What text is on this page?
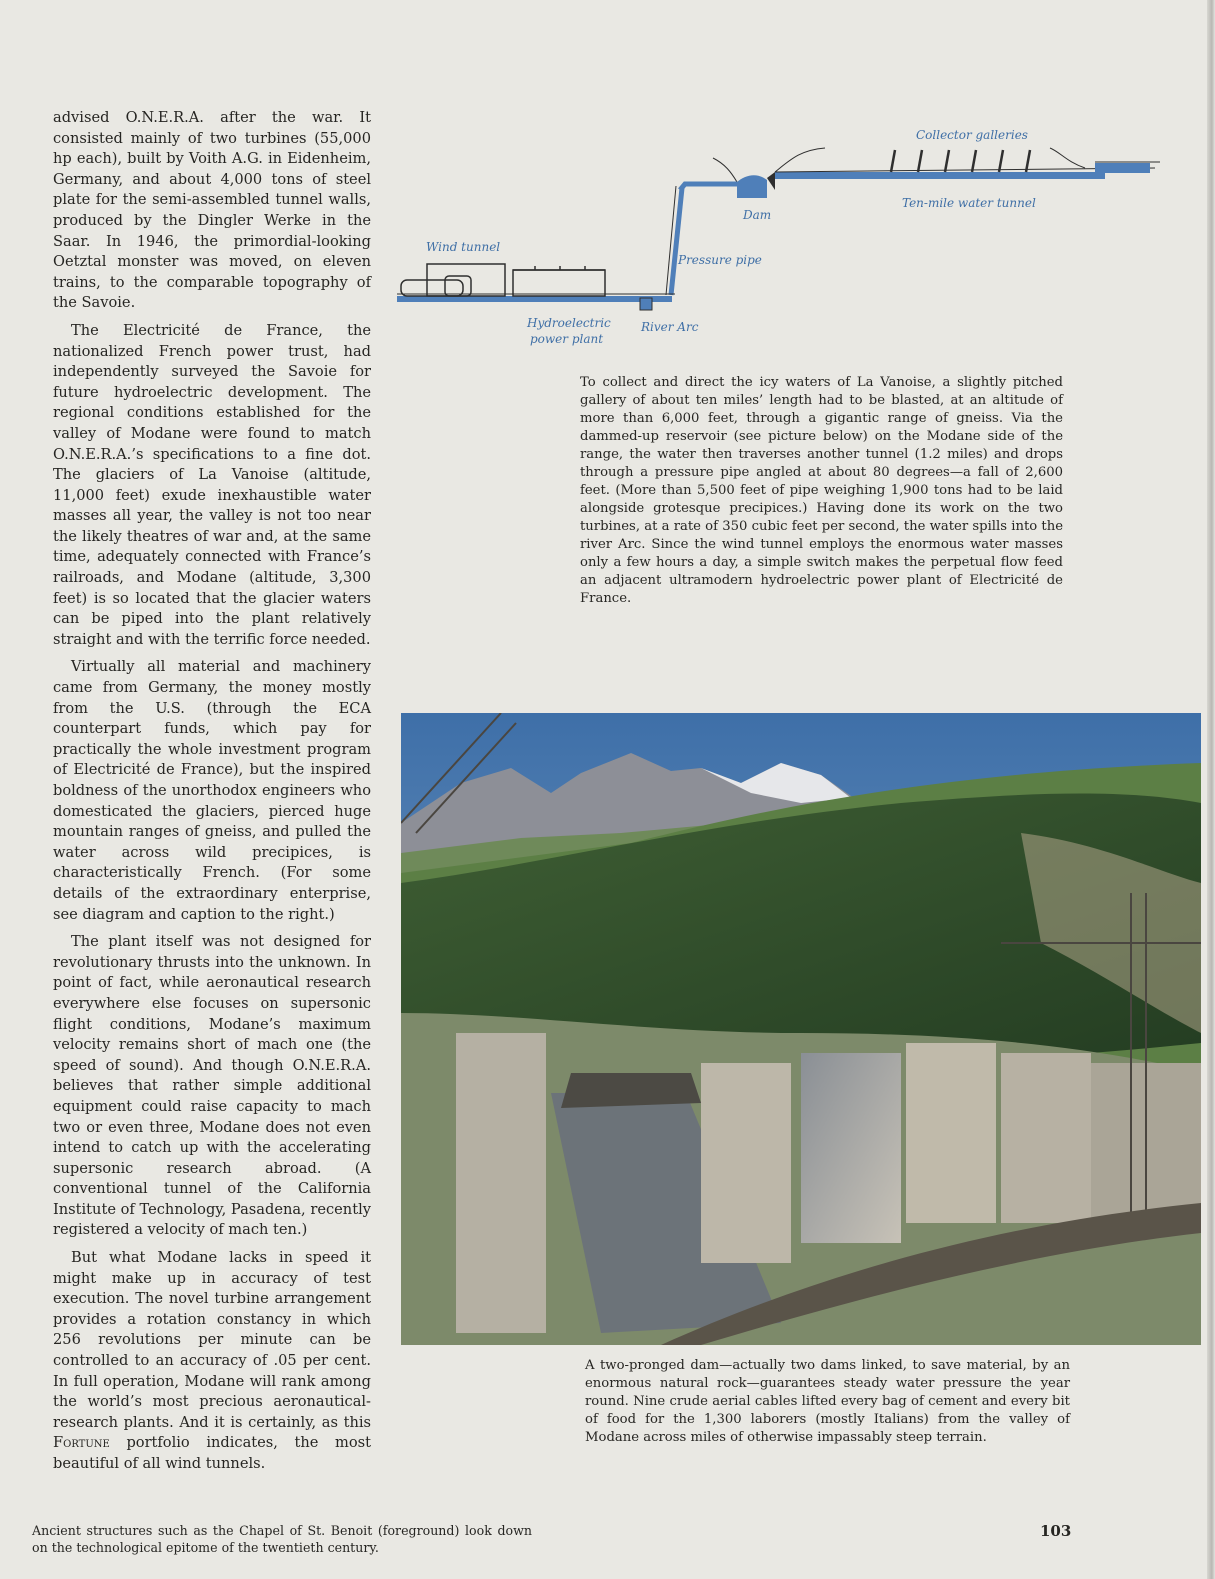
advised O.N.E.R.A. after the war. It consisted mainly of two turbines (55,000 hp each), built by Voith A.G. in Eidenheim, Germany, and about 4,000 tons of steel plate for the semi-assembled tunnel walls, produced by the Dingler Werke in the Saar. In 1946, the primordial-looking Oetztal monster was moved, on eleven trains, to the comparable topography of the Savoie.

The Electricité de France, the nationalized French power trust, had independently surveyed the Savoie for future hydroelectric development. The regional conditions established for the valley of Modane were found to match O.N.E.R.A.’s specifications to a fine dot. The glaciers of La Vanoise (altitude, 11,000 feet) exude inexhaustible water masses all year, the valley is not too near the likely theatres of war and, at the same time, adequately connected with France’s railroads, and Modane (altitude, 3,300 feet) is so located that the glacier waters can be piped into the plant relatively straight and with the terrific force needed.

Virtually all material and machinery came from Germany, the money mostly from the U.S. (through the ECA counterpart funds, which pay for practically the whole investment program of Electricité de France), but the inspired boldness of the unorthodox engineers who domesticated the glaciers, pierced huge mountain ranges of gneiss, and pulled the water across wild precipices, is characteristically French. (For some details of the extraordinary enterprise, see diagram and caption to the right.)

The plant itself was not designed for revolutionary thrusts into the unknown. In point of fact, while aeronautical research everywhere else focuses on supersonic flight conditions, Modane’s maximum velocity remains short of mach one (the speed of sound). And though O.N.E.R.A. believes that rather simple additional equipment could raise capacity to mach two or even three, Modane does not even intend to catch up with the accelerating supersonic research abroad. (A conventional tunnel of the California Institute of Technology, Pasadena, recently registered a velocity of mach ten.)

But what Modane lacks in speed it might make up in accuracy of test execution. The novel turbine arrangement provides a rotation constancy in which 256 revolutions per minute can be controlled to an accuracy of .05 per cent. In full operation, Modane will rank among the world’s most precious aeronautical-research plants. And it is certainly, as this Fortune portfolio indicates, the most beautiful of all wind tunnels.

Collector galleries
Ten-mile water tunnel
Dam
Wind tunnel
Pressure pipe
Hydroelectric
power plant
River Arc
To collect and direct the icy waters of La Vanoise, a slightly pitched gallery of about ten miles’ length had to be blasted, at an altitude of more than 6,000 feet, through a gigantic range of gneiss. Via the dammed-up reservoir (see picture below) on the Modane side of the range, the water then traverses another tunnel (1.2 miles) and drops through a pressure pipe angled at about 80 degrees—a fall of 2,600 feet. (More than 5,500 feet of pipe weighing 1,900 tons had to be laid alongside grotesque precipices.) Having done its work on the two turbines, at a rate of 350 cubic feet per second, the water spills into the river Arc. Since the wind tunnel employs the enormous water masses only a few hours a day, a simple switch makes the perpetual flow feed an adjacent ultramodern hydroelectric power plant of Electricité de France.
A two-pronged dam—actually two dams linked, to save material, by an enormous natural rock—guarantees steady water pressure the year round. Nine crude aerial cables lifted every bag of cement and every bit of food for the 1,300 laborers (mostly Italians) from the valley of Modane across miles of otherwise impassably steep terrain.
Ancient structures such as the Chapel of St. Benoit (foreground) look down on the technological epitome of the twentieth century.
103
